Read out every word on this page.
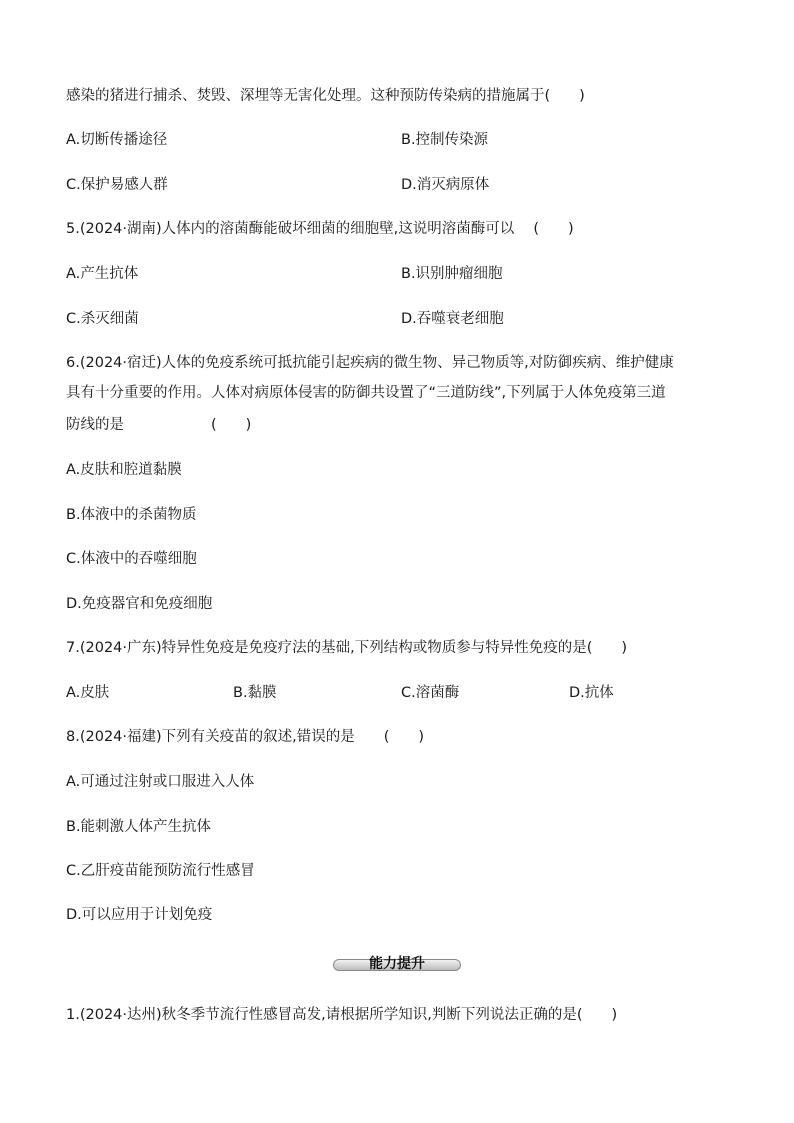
感染的猪进行捕杀、焚毁、深埋等无害化处理。这种预防传染病的措施属于(　　)
A.切断传播途径	B.控制传染源
C.保护易感人群	D.消灭病原体
5.(2024·湖南)人体内的溶菌酶能破坏细菌的细胞壁,这说明溶菌酶可以　 (　　)
A.产生抗体	B.识别肿瘤细胞
C.杀灭细菌	D.吞噬衰老细胞
6.(2024·宿迁)人体的免疫系统可抵抗能引起疾病的微生物、异己物质等,对防御疾病、维护健康
具有十分重要的作用。人体对病原体侵害的防御共设置了“三道防线”,下列属于人体免疫第三道
防线的是　　　　　　(　　)
A.皮肤和腔道黏膜
B.体液中的杀菌物质
C.体液中的吞噬细胞
D.免疫器官和免疫细胞
7.(2024·广东)特异性免疫是免疫疗法的基础,下列结构或物质参与特异性免疫的是(　　)
A.皮肤	B.黏膜	C.溶菌酶	D.抗体
8.(2024·福建)下列有关疫苗的叙述,错误的是　　(　　)
A.可通过注射或口服进入人体
B.能刺激人体产生抗体
C.乙肝疫苗能预防流行性感冒
D.可以应用于计划免疫
能力提升
1.(2024·达州)秋冬季节流行性感冒高发,请根据所学知识,判断下列说法正确的是(　　)
